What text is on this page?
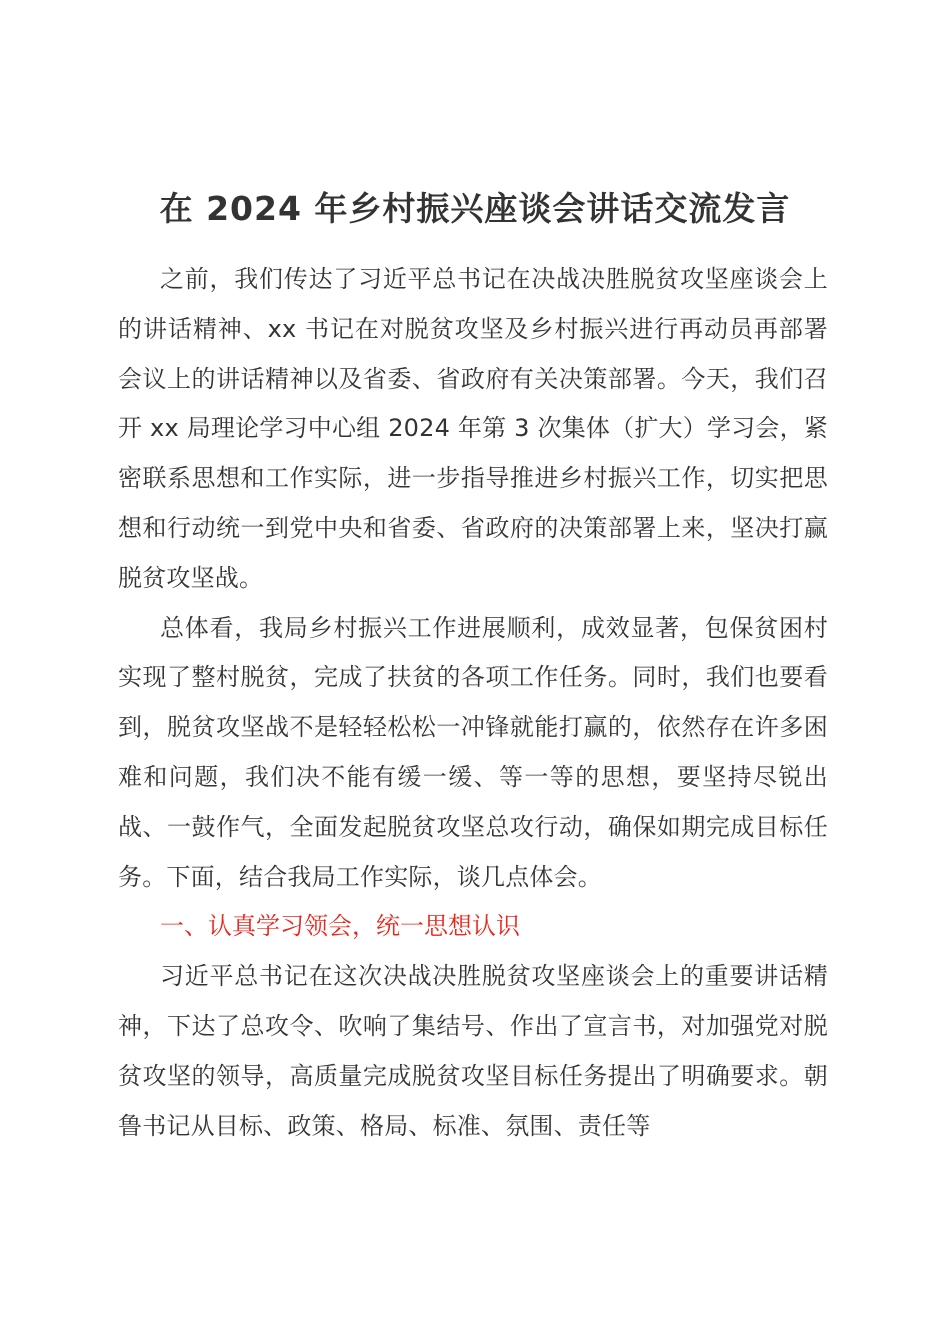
在 2024 年乡村振兴座谈会讲话交流发言

之前，我们传达了习近平总书记在决战决胜脱贫攻坚座谈会上的讲话精神、xx 书记在对脱贫攻坚及乡村振兴进行再动员再部署会议上的讲话精神以及省委、省政府有关决策部署。今天，我们召开 xx 局理论学习中心组 2024 年第 3 次集体（扩大）学习会，紧密联系思想和工作实际，进一步指导推进乡村振兴工作，切实把思想和行动统一到党中央和省委、省政府的决策部署上来，坚决打赢脱贫攻坚战。

总体看，我局乡村振兴工作进展顺利，成效显著，包保贫困村实现了整村脱贫，完成了扶贫的各项工作任务。同时，我们也要看到，脱贫攻坚战不是轻轻松松一冲锋就能打赢的，依然存在许多困难和问题，我们决不能有缓一缓、等一等的思想，要坚持尽锐出战、一鼓作气，全面发起脱贫攻坚总攻行动，确保如期完成目标任务。下面，结合我局工作实际，谈几点体会。

一、认真学习领会，统一思想认识

习近平总书记在这次决战决胜脱贫攻坚座谈会上的重要讲话精神，下达了总攻令、吹响了集结号、作出了宣言书，对加强党对脱贫攻坚的领导，高质量完成脱贫攻坚目标任务提出了明确要求。朝鲁书记从目标、政策、格局、标准、氛围、责任等
